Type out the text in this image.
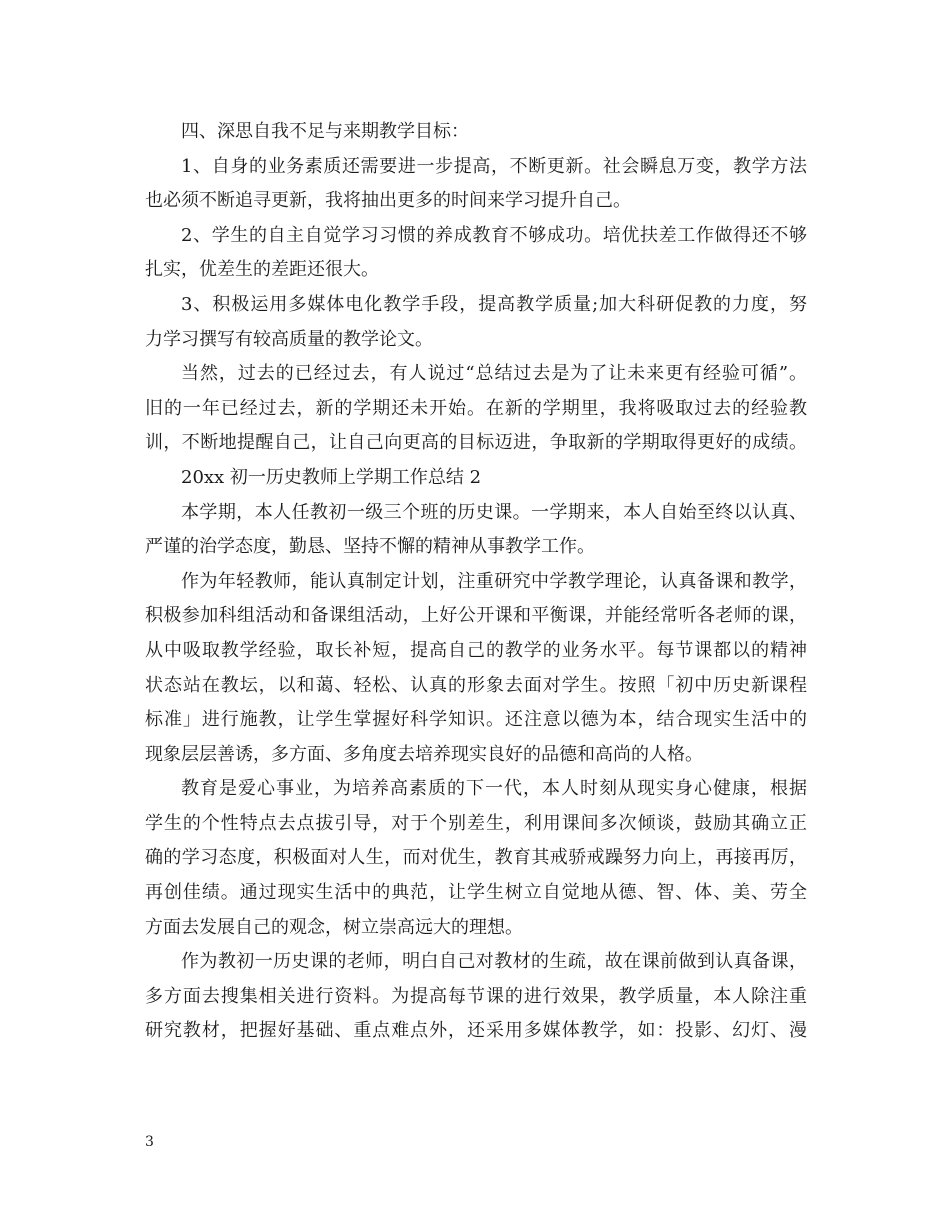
四、深思自我不足与来期教学目标：
1、自身的业务素质还需要进一步提高，不断更新。社会瞬息万变，教学方法
也必须不断追寻更新，我将抽出更多的时间来学习提升自己。
2、学生的自主自觉学习习惯的养成教育不够成功。培优扶差工作做得还不够
扎实，优差生的差距还很大。
3、积极运用多媒体电化教学手段，提高教学质量;加大科研促教的力度，努
力学习撰写有较高质量的教学论文。
当然，过去的已经过去，有人说过“总结过去是为了让未来更有经验可循”。
旧的一年已经过去，新的学期还未开始。在新的学期里，我将吸取过去的经验教
训，不断地提醒自己，让自己向更高的目标迈进，争取新的学期取得更好的成绩。
20xx 初一历史教师上学期工作总结 2
本学期，本人任教初一级三个班的历史课。一学期来，本人自始至终以认真、
严谨的治学态度，勤恳、坚持不懈的精神从事教学工作。
作为年轻教师，能认真制定计划，注重研究中学教学理论，认真备课和教学，
积极参加科组活动和备课组活动，上好公开课和平衡课，并能经常听各老师的课，
从中吸取教学经验，取长补短，提高自己的教学的业务水平。每节课都以的精神
状态站在教坛，以和蔼、轻松、认真的形象去面对学生。按照「初中历史新课程
标准」进行施教，让学生掌握好科学知识。还注意以德为本，结合现实生活中的
现象层层善诱，多方面、多角度去培养现实良好的品德和高尚的人格。
教育是爱心事业，为培养高素质的下一代，本人时刻从现实身心健康，根据
学生的个性特点去点拔引导，对于个别差生，利用课间多次倾谈，鼓励其确立正
确的学习态度，积极面对人生，而对优生，教育其戒骄戒躁努力向上，再接再厉，
再创佳绩。通过现实生活中的典范，让学生树立自觉地从德、智、体、美、劳全
方面去发展自己的观念，树立崇高远大的理想。
作为教初一历史课的老师，明白自己对教材的生疏，故在课前做到认真备课，
多方面去搜集相关进行资料。为提高每节课的进行效果，教学质量，本人除注重
研究教材，把握好基础、重点难点外，还采用多媒体教学，如：投影、幻灯、漫
3
